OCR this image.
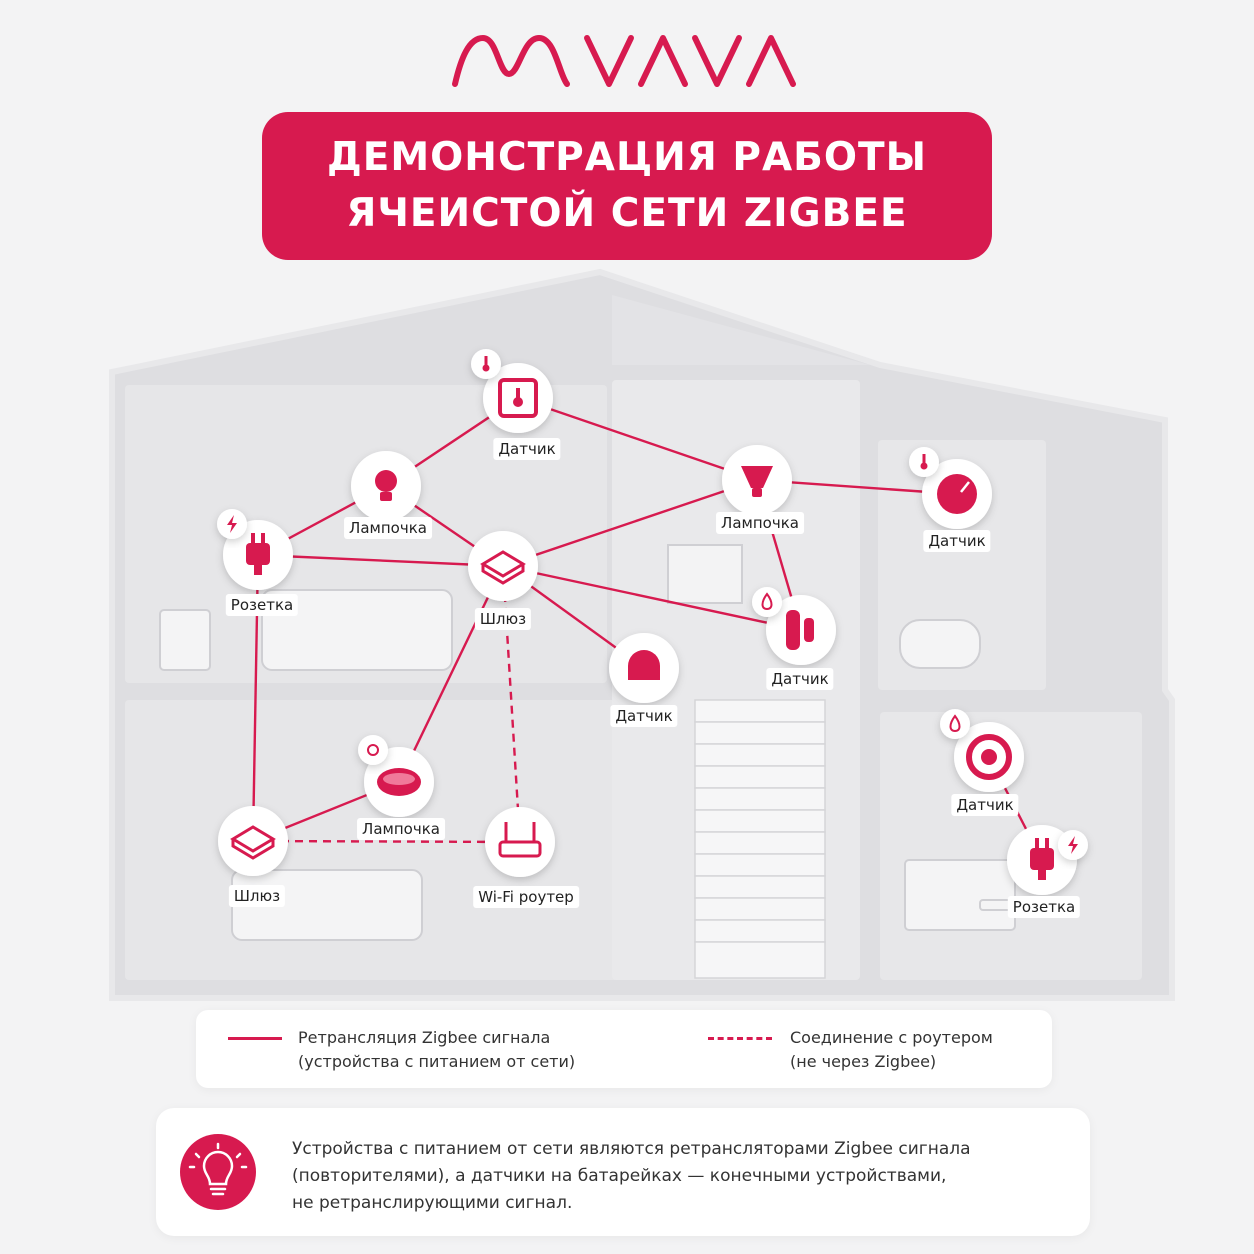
ДЕМОНСТРАЦИЯ РАБОТЫ
ЯЧЕИСТОЙ СЕТИ ZIGBEE
Датчик
Лампочка
Розетка
Шлюз
Лампочка
Датчик
Датчик
Датчик
Лампочка
Шлюз	Wi-Fi роутер
Датчик
Розетка
Ретрансляция Zigbee сигнала
(устройства с питанием от сети)
Соединение с роутером
(не через Zigbee)
Устройства с питанием от сети являются ретрансляторами Zigbee сигнала
(повторителями), а датчики на батарейках — конечными устройствами,
не ретранслирующими сигнал.
